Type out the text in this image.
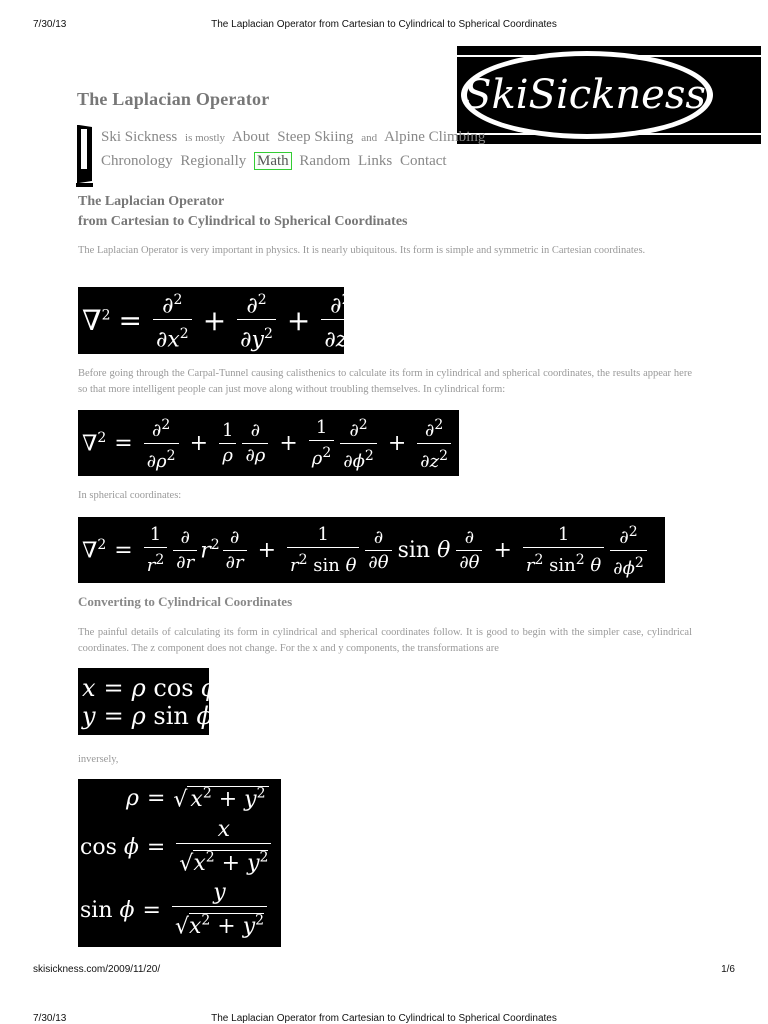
7/30/13	The Laplacian Operator from Cartesian to Cylindrical to Spherical Coordinates
The Laplacian Operator	SkiSickness
Ski Sickness is mostly About Steep Skiing and Alpine Climbing
Chronology Regionally Math Random Links Contact
The Laplacian Operator
from Cartesian to Cylindrical to Spherical Coordinates
The Laplacian Operator is very important in physics. It is nearly ubiquitous. Its form is simple and symmetric in Cartesian coordinates.
$\nabla^2 = \frac{\partial^2}{\partial x^2} + \frac{\partial^2}{\partial y^2} + \frac{\partial^2}{\partial z^2}$
Before going through the Carpal-Tunnel causing calisthenics to calculate its form in cylindrical and spherical coordinates, the results appear here so that more intelligent people can just move along without troubling themselves. In cylindrical form:
$\nabla^2 = \frac{\partial^2}{\partial\rho^2} + \frac{1}{\rho} \frac{\partial}{\partial\rho} + \frac{1}{\rho^2} \frac{\partial^2}{\partial\phi^2} + \frac{\partial^2}{\partial z^2}$
In spherical coordinates:
$\nabla^2 = \frac{1}{r^2} \frac{\partial}{\partial r} r^2 \frac{\partial}{\partial r} + \frac{1}{r^2 \sin \theta} \frac{\partial}{\partial\theta}$ sin θ $\frac{\partial}{\partial\theta} + \frac{1}{r^2 \sin^2 \theta} \frac{\partial^2}{\partial\phi^2}$
Converting to Cylindrical Coordinates
The painful details of calculating its form in cylindrical and spherical coordinates follow. It is good to begin with the simpler case, cylindrical coordinates. The z component does not change. For the x and y components, the transformations are
x = ρ cos ϕ
y = ρ sin ϕ
inversely,
ρ = √ $x^2 + y^2$
$\cos \phi = \frac{x}{√x^2 + y^2}$
$\sin \phi = \frac{y}{√x^2 + y^2}$
skisickness.com/2009/11/20/	1/6
7/30/13	The Laplacian Operator from Cartesian to Cylindrical to Spherical Coordinates
